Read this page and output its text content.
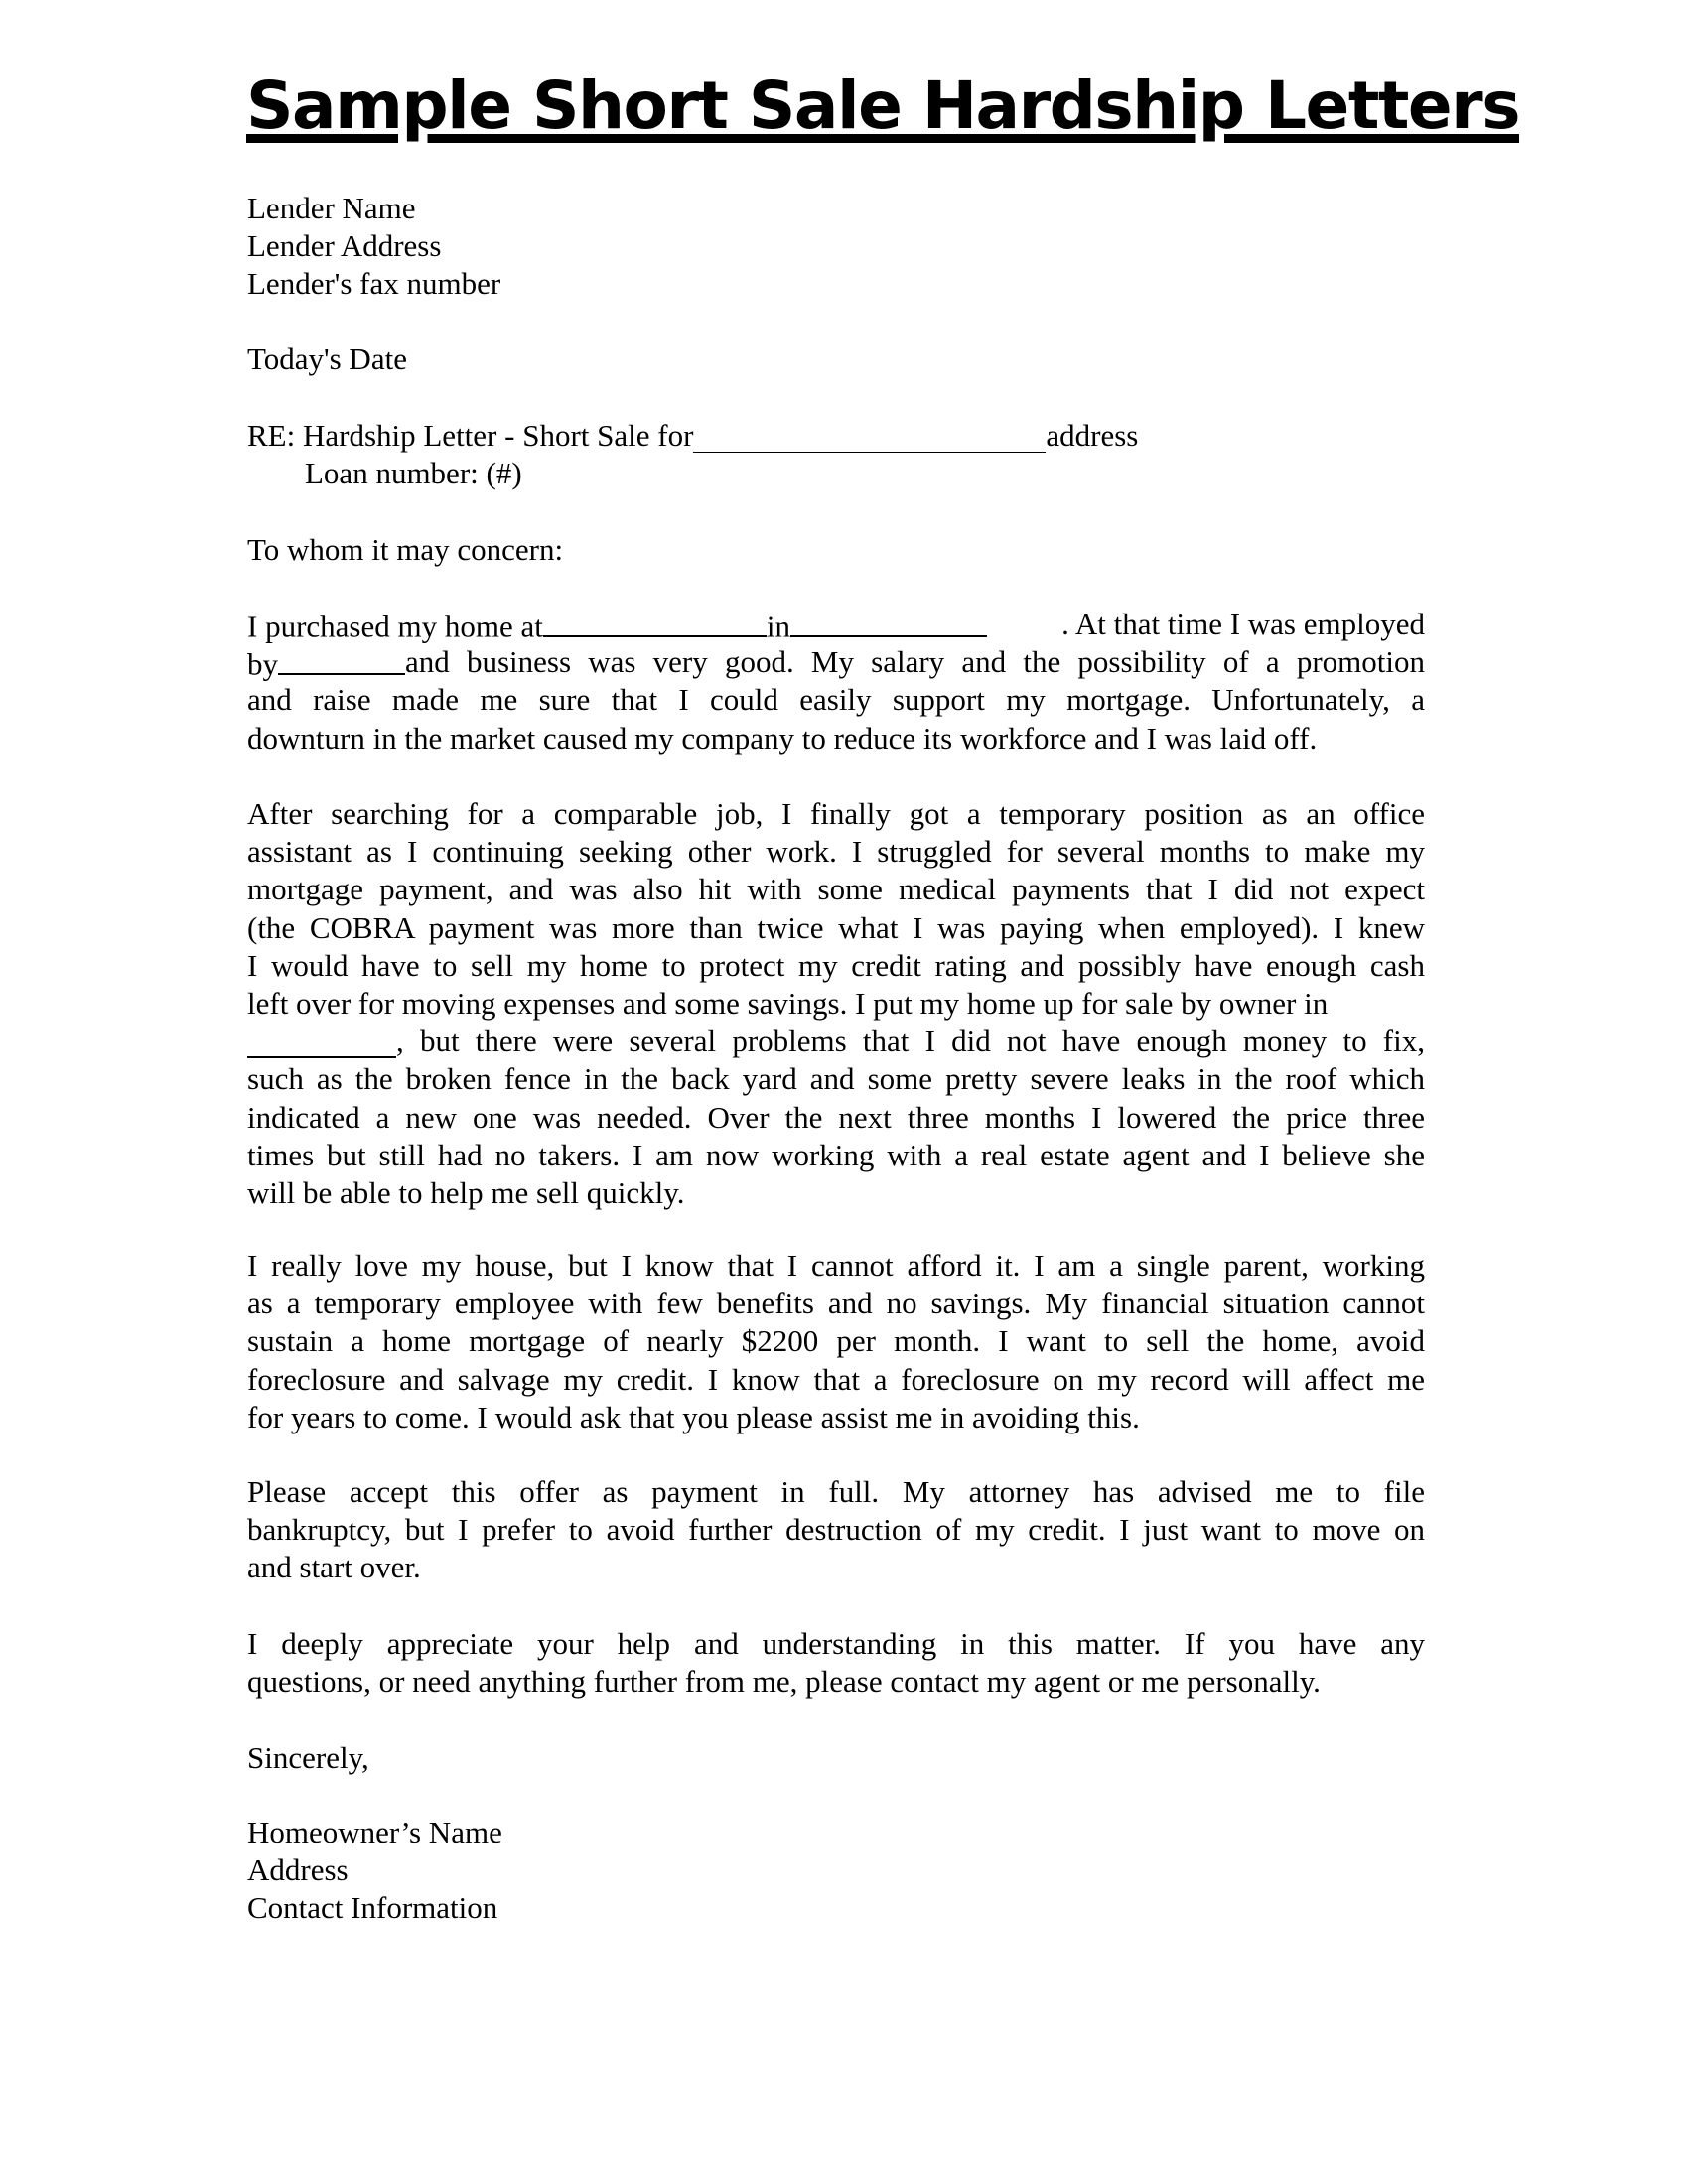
Sample Short Sale Hardship Letters
Lender Name
Lender Address
Lender's fax number
Today's Date
RE: Hardship Letter - Short Sale for	address
Loan number: (#)
To whom it may concern:
I purchased my home at	in	. At that time I was employed
by	and business was very good. My salary and the possibility of a promotion
and raise made me sure that I could easily support my mortgage. Unfortunately, a
downturn in the market caused my company to reduce its workforce and I was laid off.
After searching for a comparable job, I finally got a temporary position as an office
assistant as I continuing seeking other work. I struggled for several months to make my
mortgage payment, and was also hit with some medical payments that I did not expect
(the COBRA payment was more than twice what I was paying when employed). I knew
I would have to sell my home to protect my credit rating and possibly have enough cash
left over for moving expenses and some savings. I put my home up for sale by owner in
, but there were several problems that I did not have enough money to fix,
such as the broken fence in the back yard and some pretty severe leaks in the roof which
indicated a new one was needed. Over the next three months I lowered the price three
times but still had no takers. I am now working with a real estate agent and I believe she
will be able to help me sell quickly.
I really love my house, but I know that I cannot afford it. I am a single parent, working
as a temporary employee with few benefits and no savings. My financial situation cannot
sustain a home mortgage of nearly $2200 per month. I want to sell the home, avoid
foreclosure and salvage my credit. I know that a foreclosure on my record will affect me
for years to come. I would ask that you please assist me in avoiding this.
Please accept this offer as payment in full. My attorney has advised me to file
bankruptcy, but I prefer to avoid further destruction of my credit. I just want to move on
and start over.
I deeply appreciate your help and understanding in this matter. If you have any
questions, or need anything further from me, please contact my agent or me personally.
Sincerely,
Homeowner’s Name
Address
Contact Information
